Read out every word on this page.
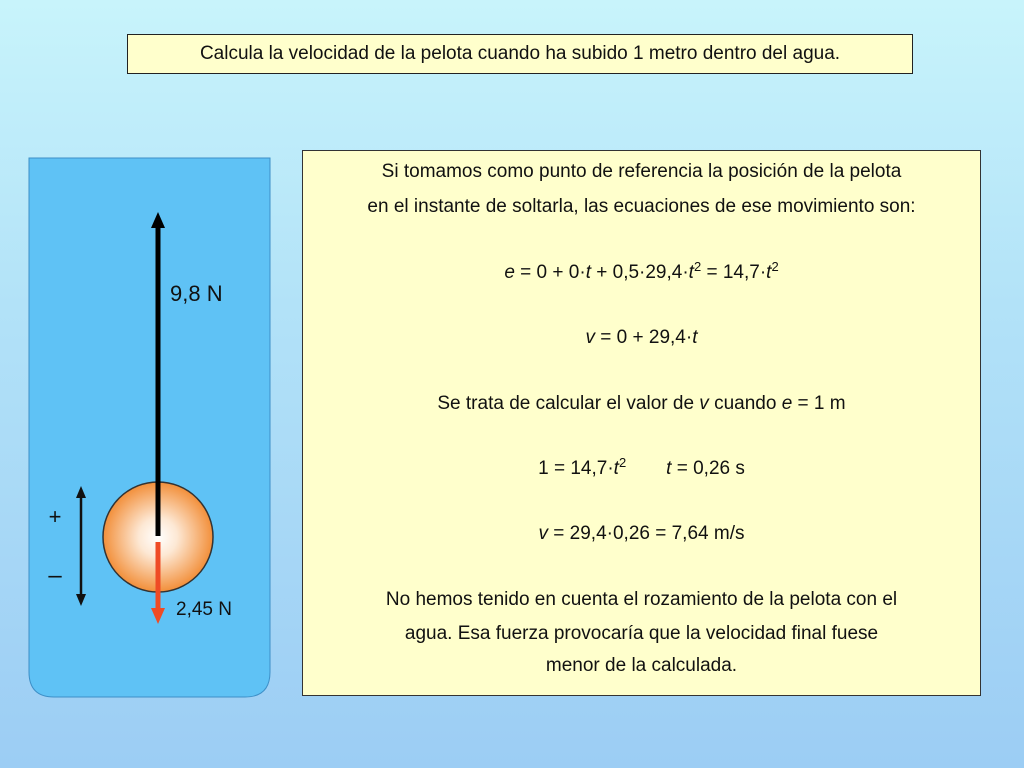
Calcula la velocidad de la pelota cuando ha subido 1 metro dentro del agua.
+
–
9,8 N
2,45 N

Si tomamos como punto de referencia la posición de la pelota

en el instante de soltarla, las ecuaciones de ese movimiento son:

$e = 0 + 0\cdot t + 0,5\cdot 29,4\cdot t^2 = 14,7\cdot t^2$

v = 0 + 29,4·t

Se trata de calcular el valor de v cuando e = 1 m

$1 = 14,7\cdot t^2$ t = 0,26 s

v = 29,4·0,26 = 7,64 m/s

No hemos tenido en cuenta el rozamiento de la pelota con el

agua. Esa fuerza provocaría que la velocidad final fuese

menor de la calculada.
